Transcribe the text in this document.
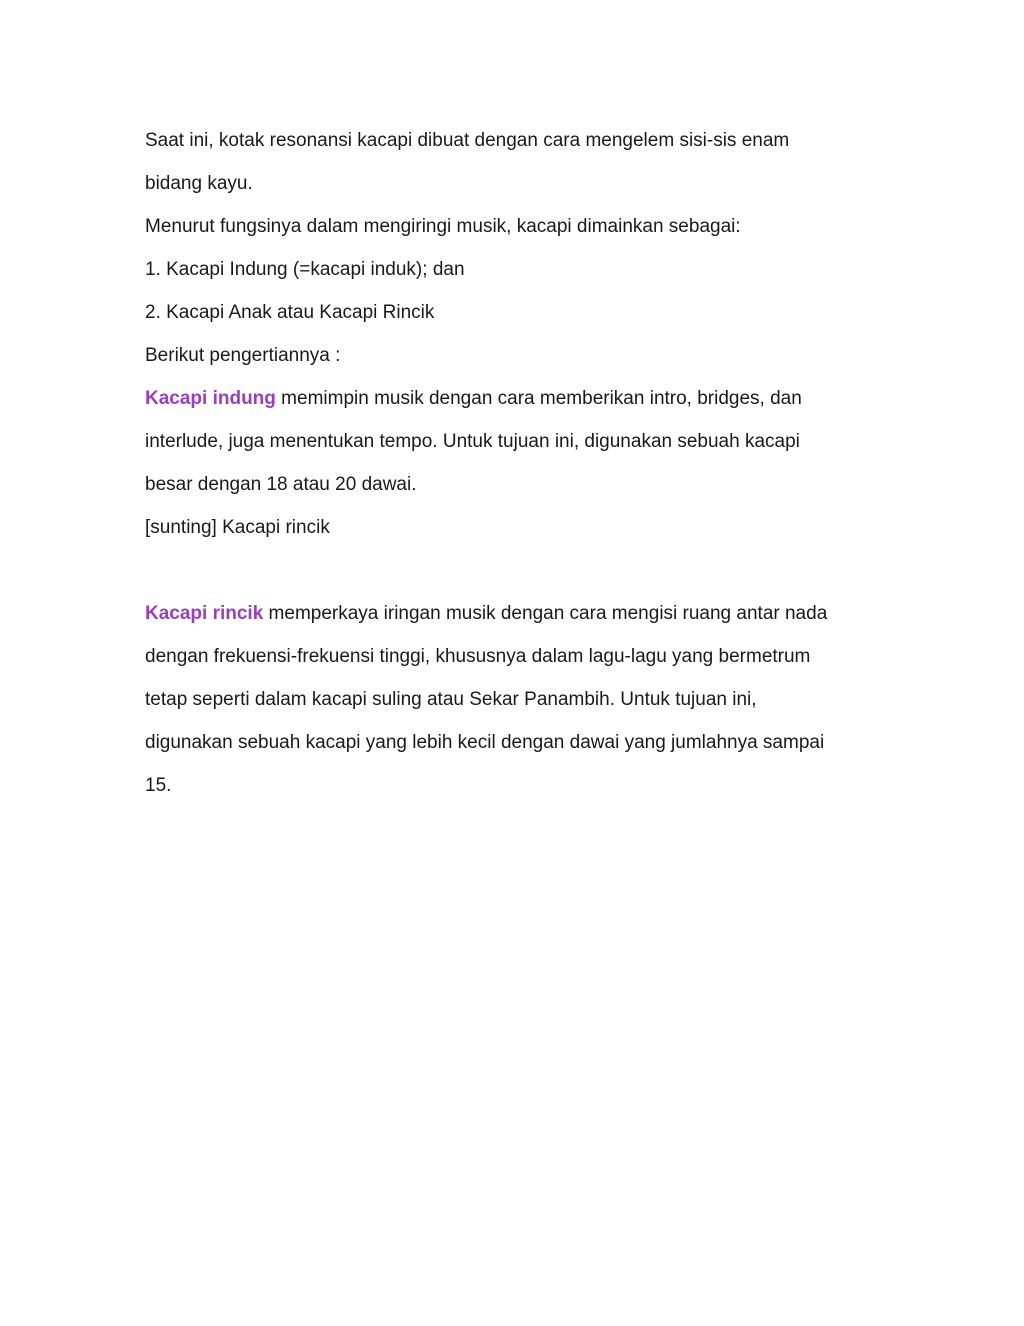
Saat ini, kotak resonansi kacapi dibuat dengan cara mengelem sisi-sis enam
bidang kayu.
Menurut fungsinya dalam mengiringi musik, kacapi dimainkan sebagai:
1. Kacapi Indung (=kacapi induk); dan
2. Kacapi Anak atau Kacapi Rincik
Berikut pengertiannya :
Kacapi indung memimpin musik dengan cara memberikan intro, bridges, dan
interlude, juga menentukan tempo. Untuk tujuan ini, digunakan sebuah kacapi
besar dengan 18 atau 20 dawai.
[sunting] Kacapi rincik
Kacapi rincik memperkaya iringan musik dengan cara mengisi ruang antar nada
dengan frekuensi-frekuensi tinggi, khususnya dalam lagu-lagu yang bermetrum
tetap seperti dalam kacapi suling atau Sekar Panambih. Untuk tujuan ini,
digunakan sebuah kacapi yang lebih kecil dengan dawai yang jumlahnya sampai
15.
